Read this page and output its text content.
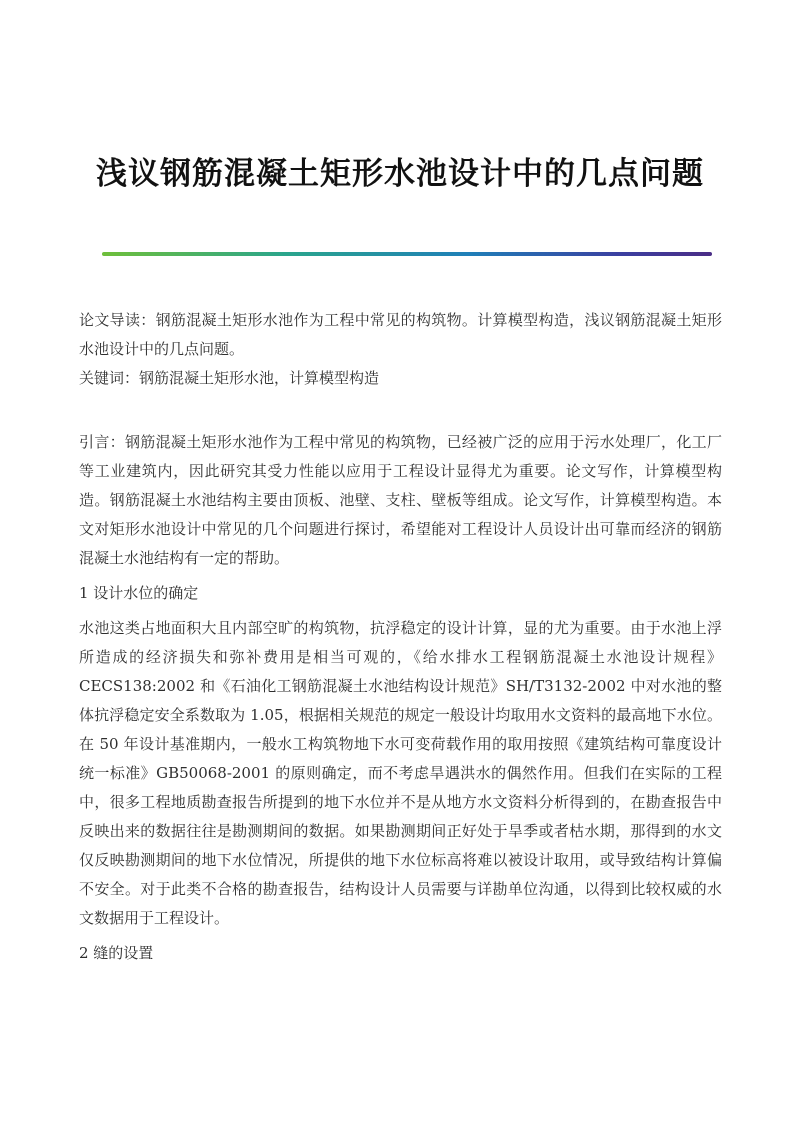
浅议钢筋混凝土矩形水池设计中的几点问题

论文导读：钢筋混凝土矩形水池作为工程中常见的构筑物。计算模型构造，浅议钢筋混凝土矩形水池设计中的几点问题。

关键词：钢筋混凝土矩形水池，计算模型构造

引言：钢筋混凝土矩形水池作为工程中常见的构筑物，已经被广泛的应用于污水处理厂，化工厂等工业建筑内，因此研究其受力性能以应用于工程设计显得尤为重要。论文写作，计算模型构造。钢筋混凝土水池结构主要由顶板、池壁、支柱、壁板等组成。论文写作，计算模型构造。本文对矩形水池设计中常见的几个问题进行探讨，希望能对工程设计人员设计出可靠而经济的钢筋混凝土水池结构有一定的帮助。

1 设计水位的确定

水池这类占地面积大且内部空旷的构筑物，抗浮稳定的设计计算，显的尤为重要。由于水池上浮所造成的经济损失和弥补费用是相当可观的，《给水排水工程钢筋混凝土水池设计规程》CECS138:2002 和《石油化工钢筋混凝土水池结构设计规范》SH/T3132-2002 中对水池的整体抗浮稳定安全系数取为 1.05，根据相关规范的规定一般设计均取用水文资料的最高地下水位。在 50 年设计基准期内，一般水工构筑物地下水可变荷载作用的取用按照《建筑结构可靠度设计统一标准》GB50068-2001 的原则确定，而不考虑旱遇洪水的偶然作用。但我们在实际的工程中，很多工程地质勘查报告所提到的地下水位并不是从地方水文资料分析得到的，在勘查报告中反映出来的数据往往是勘测期间的数据。如果勘测期间正好处于旱季或者枯水期，那得到的水文仅反映勘测期间的地下水位情况，所提供的地下水位标高将难以被设计取用，或导致结构计算偏不安全。对于此类不合格的勘查报告，结构设计人员需要与详勘单位沟通，以得到比较权威的水文数据用于工程设计。

2 缝的设置
